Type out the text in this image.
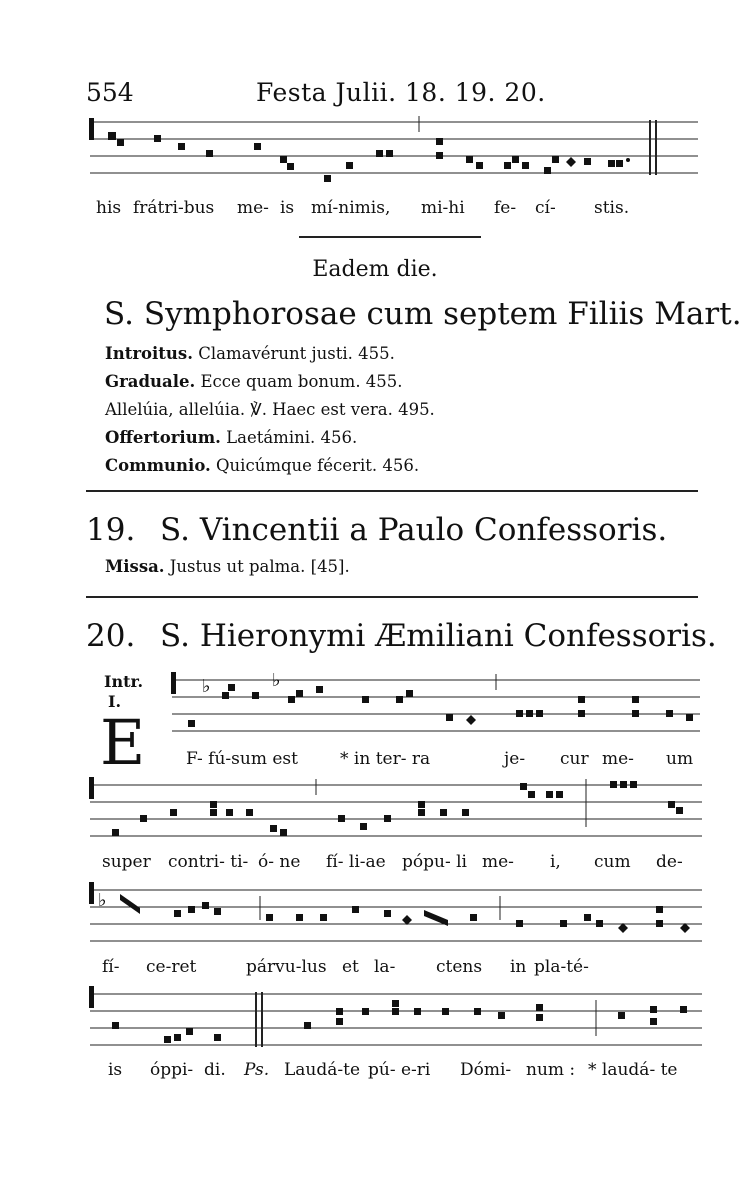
554	Festa Julii. 18. 19. 20.
his frátri-bus me- is mí-nimis, mi-hi fe- cí- stis.
Eadem die.
S. Symphorosae cum septem Filiis Mart.
Introitus. Clamavérunt justi. 455.
Graduale. Ecce quam bonum. 455.
Allelúia, allelúia. ℣. Haec est vera. 495.
Offertorium. Laetámini. 456.
Communio. Quicúmque fécerit. 456.
19. S. Vincentii a Paulo Confessoris.
Missa. Justus ut palma. [45].
20. S. Hieronymi Æmiliani Confessoris.
Intr.
I.
E
♭	♭
F- fú-sum est * in ter- ra	je- cur me- um
super contri- ti- ó- ne fí- li-ae pópu- li me- i, cum de-
♭
fí- ce-ret	párvu-lus et la- ctens in pla-té-
is óppi- di. Ps. Laudá-te pú- e-ri Dómi- num : * laudá- te
